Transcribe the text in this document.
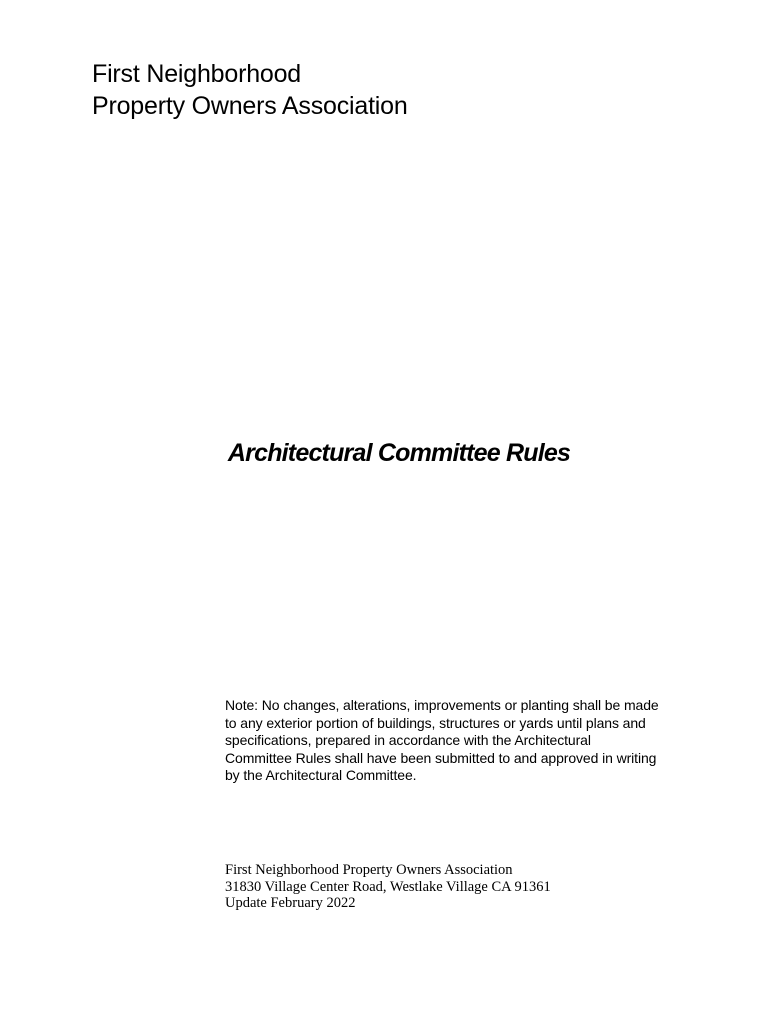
First Neighborhood
Property Owners Association
Architectural Committee Rules
Note: No changes, alterations, improvements or planting shall be made
to any exterior portion of buildings, structures or yards until plans and
specifications, prepared in accordance with the Architectural
Committee Rules shall have been submitted to and approved in writing
by the Architectural Committee.
First Neighborhood Property Owners Association
31830 Village Center Road, Westlake Village CA 91361
Update February 2022
